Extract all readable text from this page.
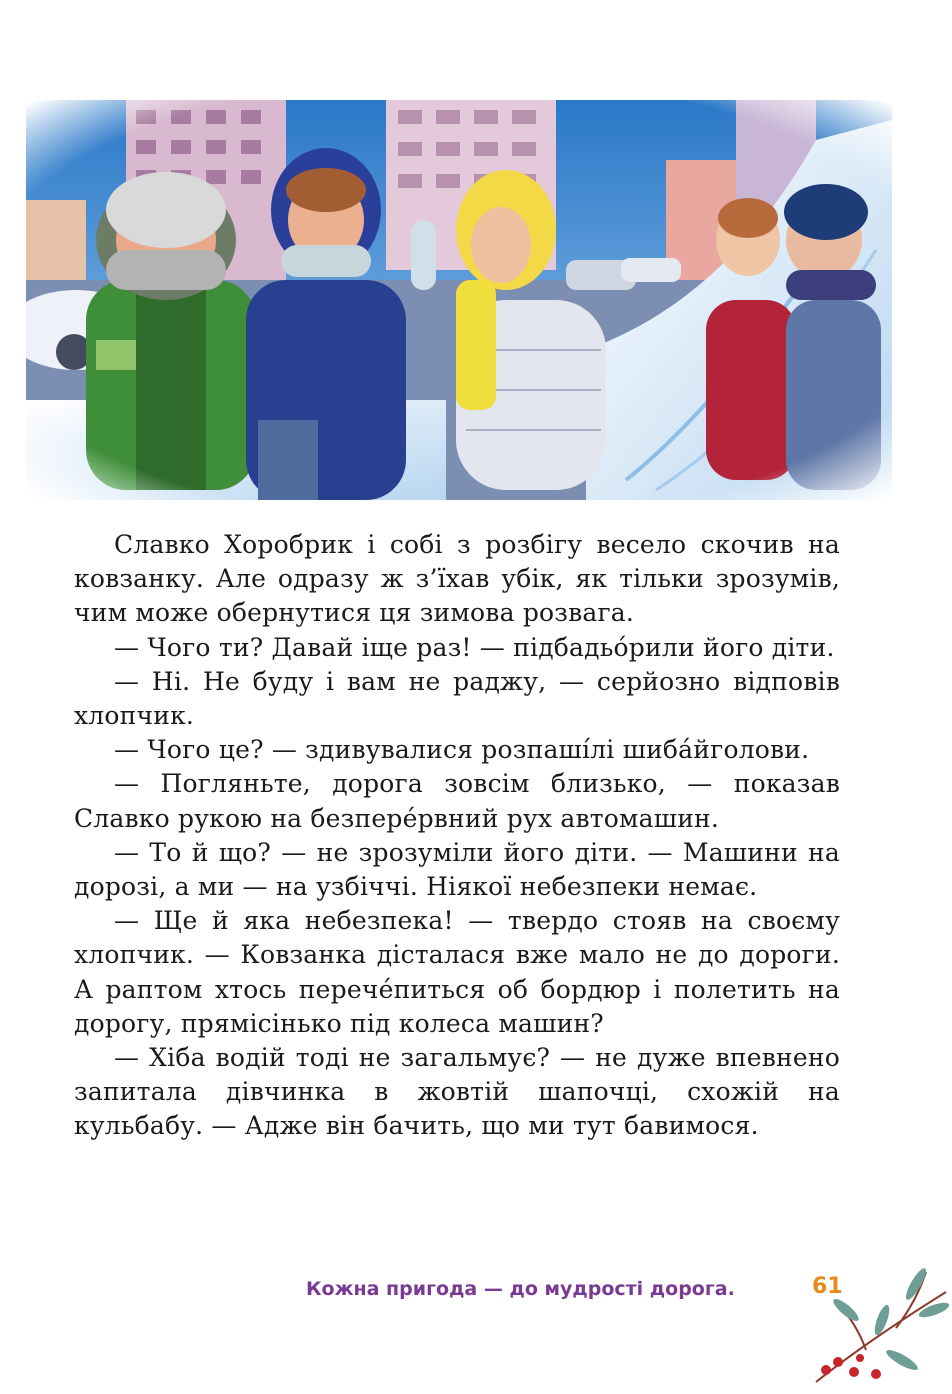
Славко Хоробрик і собі з розбігу весело скочив на ковзанку. Але одразу ж з’їхав убік, як тільки зрозумів, чим може обернутися ця зимова розвага.

— Чого ти? Давай іще раз! — підбадьо́рили його діти.

— Ні. Не буду і вам не раджу, — серйозно відповів хлопчик.

— Чого це? — здивувалися розпаші́лі шиба́йголови.

— Погляньте, дорога зовсім близько, — показав Славко рукою на безпере́рвний рух автомашин.

— То й що? — не зрозуміли його діти. — Машини на дорозі, а ми — на узбіччі. Ніякої небезпеки немає.

— Ще й яка небезпека! — твердо стояв на своєму хлопчик. — Ковзанка дісталася вже мало не до дороги. А раптом хтось перече́питься об бордюр і полетить на дорогу, прямісінько під колеса машин?

— Хіба водій тоді не загальмує? — не дуже впевнено запитала дівчинка в жовтій шапочці, схожій на кульбабу. — Адже він бачить, що ми тут бавимося.

Кожна пригода — до мудрості дорога.	61
